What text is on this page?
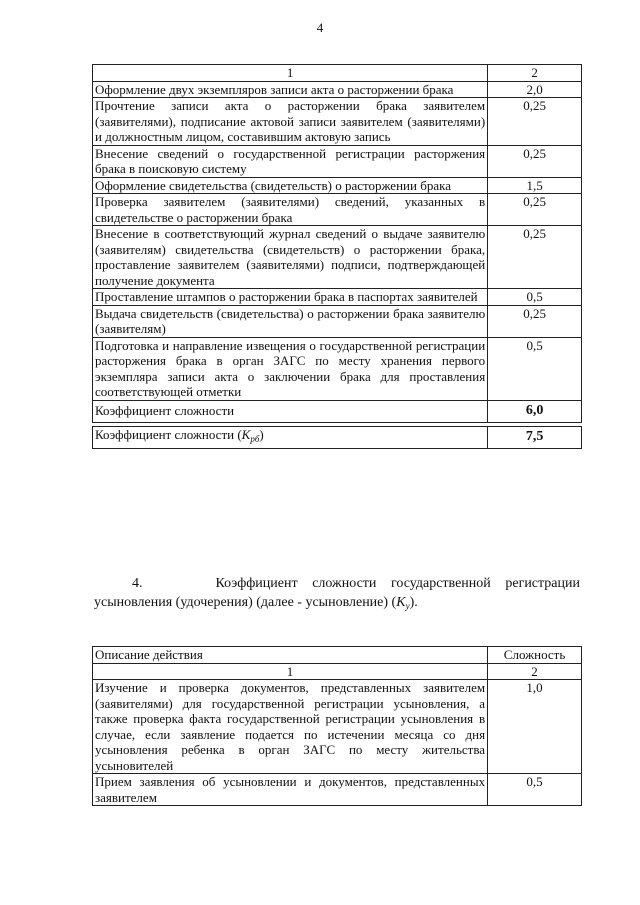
4
1	2
Оформление двух экземпляров записи акта о расторжении брака	2,0
Прочтение записи акта о расторжении брака заявителем (заявителями), подписание актовой записи заявителем (заявителями) и должностным лицом, составившим актовую запись	0,25
Внесение сведений о государственной регистрации расторжения брака в поисковую систему	0,25
Оформление свидетельства (свидетельств) о расторжении брака	1,5
Проверка заявителем (заявителями) сведений, указанных в свидетельстве о расторжении брака	0,25
Внесение в соответствующий журнал сведений о выдаче заявителю (заявителям) свидетельства (свидетельств) о расторжении брака, проставление заявителем (заявителями) подписи, подтверждающей получение документа	0,25
Проставление штампов о расторжении брака в паспортах заявителей	0,5
Выдача свидетельств (свидетельства) о расторжении брака заявителю (заявителям)	0,25
Подготовка и направление извещения о государственной регистрации расторжения брака в орган ЗАГС по месту хранения первого экземпляра записи акта о заключении брака для проставления соответствующей отметки	0,5
Коэффициент сложности	6,0

Коэффициент сложности $(K_{рб})$	7,5
4.	Коэффициент сложности государственной регистрации
усыновления (удочерения) (далее - усыновление) $(K_у)$.
Описание действия	Сложность
1	2
Изучение и проверка документов, представленных заявителем (заявителями) для государственной регистрации усыновления, а также проверка факта государственной регистрации усыновления в случае, если заявление подается по истечении месяца со дня усыновления ребенка в орган ЗАГС по месту жительства усыновителей	1,0
Прием заявления об усыновлении и документов, представленных заявителем	0,5
